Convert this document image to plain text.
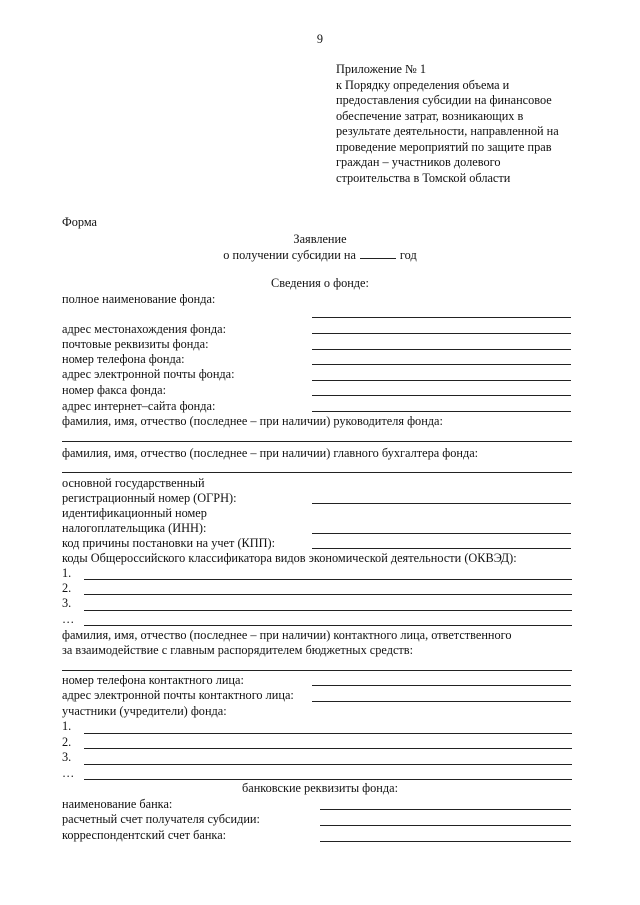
9
Приложение № 1
к Порядку определения объема и
предоставления субсидии на финансовое
обеспечение затрат, возникающих в
результате деятельности, направленной на
проведение мероприятий по защите прав
граждан – участников долевого
строительства в Томской области
Форма
Заявление
о получении субсидии на	год
Сведения о фонде:
полное наименование фонда:
адрес местонахождения фонда:
почтовые реквизиты фонда:
номер телефона фонда:
адрес электронной почты фонда:
номер факса фонда:
адрес интернет–сайта фонда:
фамилия, имя, отчество (последнее – при наличии) руководителя фонда:
фамилия, имя, отчество (последнее – при наличии) главного бухгалтера фонда:
основной государственный
регистрационный номер (ОГРН):
идентификационный номер
налогоплательщика (ИНН):
код причины постановки на учет (КПП):
коды Общероссийского классификатора видов экономической деятельности (ОКВЭД):
1.
2.
3.
…
фамилия, имя, отчество (последнее – при наличии) контактного лица, ответственного
за взаимодействие с главным распорядителем бюджетных средств:
номер телефона контактного лица:
адрес электронной почты контактного лица:
участники (учредители) фонда:
1.
2.
3.
…
банковские реквизиты фонда:
наименование банка:
расчетный счет получателя субсидии:
корреспондентский счет банка:
